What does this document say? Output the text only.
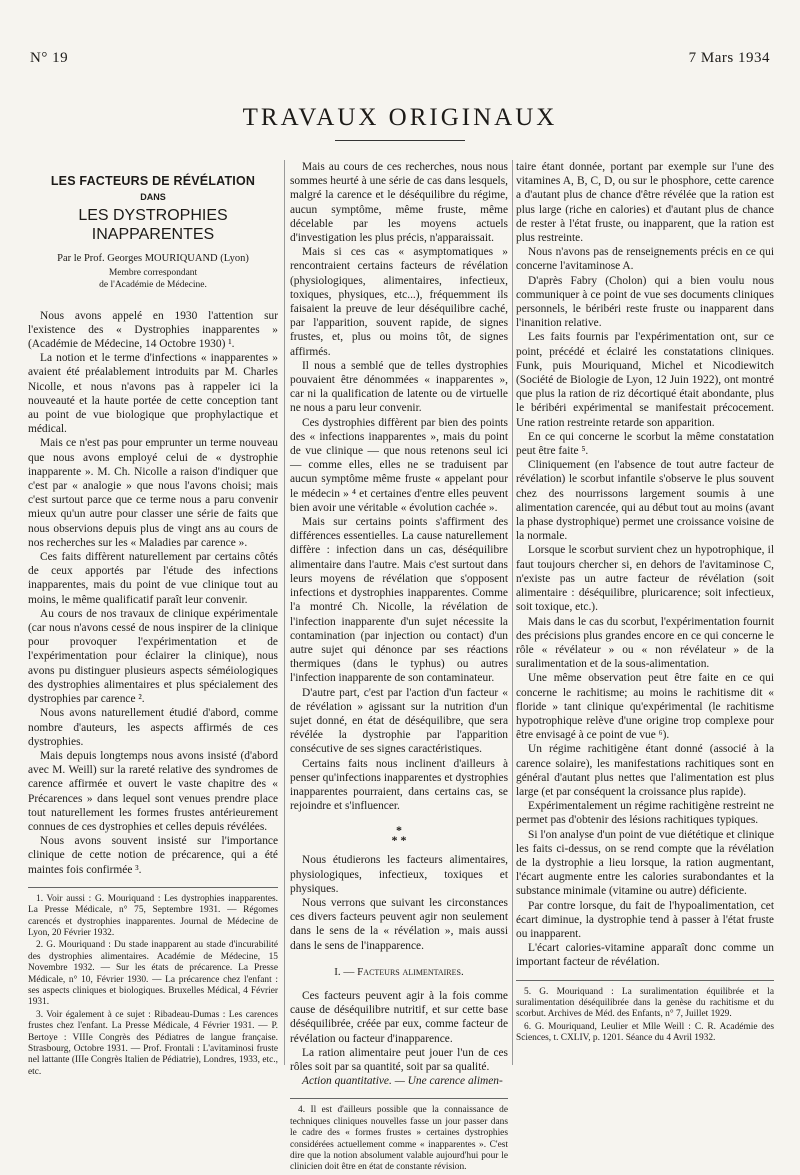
N° 19	7 Mars 1934
TRAVAUX ORIGINAUX
LES FACTEURS DE RÉVÉLATION
DANS
LES DYSTROPHIES
INAPPARENTES
Par le Prof. Georges MOURIQUAND (Lyon)
Membre correspondant
de l'Académie de Médecine.

Nous avons appelé en 1930 l'attention sur l'existence des « Dystrophies inapparentes » (Académie de Médecine, 14 Octobre 1930) ¹.

La notion et le terme d'infections « inapparentes » avaient été préalablement introduits par M. Charles Nicolle, et nous n'avons pas à rappeler ici la nouveauté et la haute portée de cette conception tant au point de vue biologique que prophylactique et médical.

Mais ce n'est pas pour emprunter un terme nouveau que nous avons employé celui de « dystrophie inapparente ». M. Ch. Nicolle a raison d'indiquer que c'est par « analogie » que nous l'avons choisi; mais c'est surtout parce que ce terme nous a paru convenir mieux qu'un autre pour classer une série de faits que nous observions depuis plus de vingt ans au cours de nos recherches sur les « Maladies par carence ».

Ces faits diffèrent naturellement par certains côtés de ceux apportés par l'étude des infections inapparentes, mais du point de vue clinique tout au moins, le même qualificatif paraît leur convenir.

Au cours de nos travaux de clinique expérimentale (car nous n'avons cessé de nous inspirer de la clinique pour provoquer l'expérimentation et de l'expérimentation pour éclairer la clinique), nous avons pu distinguer plusieurs aspects séméiologiques des dystrophies alimentaires et plus spécialement des dystrophies par carence ².

Nous avons naturellement étudié d'abord, comme nombre d'auteurs, les aspects affirmés de ces dystrophies.

Mais depuis longtemps nous avons insisté (d'abord avec M. Weill) sur la rareté relative des syndromes de carence affirmée et ouvert le vaste chapitre des « Précarences » dans lequel sont venues prendre place tout naturellement les formes frustes antérieurement connues de ces dystrophies et celles depuis révélées.

Nous avons souvent insisté sur l'importance clinique de cette notion de précarence, qui a été maintes fois confirmée ³.

1. Voir aussi : G. Mouriquand : Les dystrophies inapparentes. La Presse Médicale, n° 75, Septembre 1931. — Régomes carencés et dystrophies inapparentes. Journal de Médecine de Lyon, 20 Février 1932.

2. G. Mouriquand : Du stade inapparent au stade d'incurabilité des dystrophies alimentaires. Académie de Médecine, 15 Novembre 1932. — Sur les états de précarence. La Presse Médicale, n° 10, Février 1930. — La précarence chez l'enfant : ses aspects cliniques et biologiques. Bruxelles Médical, 4 Février 1931.

3. Voir également à ce sujet : Ribadeau-Dumas : Les carences frustes chez l'enfant. La Presse Médicale, 4 Février 1931. — P. Bertoye : VIIIe Congrès des Pédiatres de langue française. Strasbourg, Octobre 1931. — Prof. Frontali : L'avitaminosi fruste nel lattante (IIIe Congrès Italien de Pédiatrie), Londres, 1933, etc., etc.

Mais au cours de ces recherches, nous nous sommes heurté à une série de cas dans lesquels, malgré la carence et le déséquilibre du régime, aucun symptôme, même fruste, même décelable par les moyens actuels d'investigation les plus précis, n'apparaissait.

Mais si ces cas « asymptomatiques » rencontraient certains facteurs de révélation (physiologiques, alimentaires, infectieux, toxiques, physiques, etc...), fréquemment ils faisaient la preuve de leur déséquilibre caché, par l'apparition, souvent rapide, de signes frustes, et, plus ou moins tôt, de signes affirmés.

Il nous a semblé que de telles dystrophies pouvaient être dénommées « inapparentes », car ni la qualification de latente ou de virtuelle ne nous a paru leur convenir.

Ces dystrophies diffèrent par bien des points des « infections inapparentes », mais du point de vue clinique — que nous retenons seul ici — comme elles, elles ne se traduisent par aucun symptôme même fruste « appelant pour le médecin » ⁴ et certaines d'entre elles peuvent bien avoir une véritable « évolution cachée ».

Mais sur certains points s'affirment des différences essentielles. La cause naturellement diffère : infection dans un cas, déséquilibre alimentaire dans l'autre. Mais c'est surtout dans leurs moyens de révélation que s'opposent infections et dystrophies inapparentes. Comme l'a montré Ch. Nicolle, la révélation de l'infection inapparente d'un sujet nécessite la contamination (par injection ou contact) d'un autre sujet qui dénonce par ses réactions thermiques (dans le typhus) ou autres l'infection inapparente de son contaminateur.

D'autre part, c'est par l'action d'un facteur « de révélation » agissant sur la nutrition d'un sujet donné, en état de déséquilibre, que sera révélée la dystrophie par l'apparition consécutive de ses signes caractéristiques.

Certains faits nous inclinent d'ailleurs à penser qu'infections inapparentes et dystrophies inapparentes pourraient, dans certains cas, se rejoindre et s'influencer.

*
* *

Nous étudierons les facteurs alimentaires, physiologiques, infectieux, toxiques et physiques.

Nous verrons que suivant les circonstances ces divers facteurs peuvent agir non seulement dans le sens de la « révélation », mais aussi dans le sens de l'inapparence.

I. — Facteurs alimentaires.

Ces facteurs peuvent agir à la fois comme cause de déséquilibre nutritif, et sur cette base déséquilibrée, créée par eux, comme facteur de révélation ou facteur d'inapparence.

La ration alimentaire peut jouer l'un de ces rôles soit par sa quantité, soit par sa qualité.

Action quantitative. — Une carence alimen-

4. Il est d'ailleurs possible que la connaissance de techniques cliniques nouvelles fasse un jour passer dans le cadre des « formes frustes » certaines dystrophies considérées actuellement comme « inapparentes ». C'est dire que la notion absolument valable aujourd'hui pour le clinicien doit être en état de constante révision.

taire étant donnée, portant par exemple sur l'une des vitamines A, B, C, D, ou sur le phosphore, cette carence a d'autant plus de chance d'être révélée que la ration est plus large (riche en calories) et d'autant plus de chance de rester à l'état fruste, ou inapparent, que la ration est plus restreinte.

Nous n'avons pas de renseignements précis en ce qui concerne l'avitaminose A.

D'après Fabry (Cholon) qui a bien voulu nous communiquer à ce point de vue ses documents cliniques personnels, le béribéri reste fruste ou inapparent dans l'inanition relative.

Les faits fournis par l'expérimentation ont, sur ce point, précédé et éclairé les constatations cliniques. Funk, puis Mouriquand, Michel et Nicodiewitch (Société de Biologie de Lyon, 12 Juin 1922), ont montré que plus la ration de riz décortiqué était abondante, plus le béribéri expérimental se manifestait précocement. Une ration restreinte retarde son apparition.

En ce qui concerne le scorbut la même constatation peut être faite ⁵.

Cliniquement (en l'absence de tout autre facteur de révélation) le scorbut infantile s'observe le plus souvent chez des nourrissons largement soumis à une alimentation carencée, qui au début tout au moins (avant la phase dystrophique) permet une croissance voisine de la normale.

Lorsque le scorbut survient chez un hypotrophique, il faut toujours chercher si, en dehors de l'avitaminose C, n'existe pas un autre facteur de révélation (soit alimentaire : déséquilibre, pluricarence; soit infectieux, soit toxique, etc.).

Mais dans le cas du scorbut, l'expérimentation fournit des précisions plus grandes encore en ce qui concerne le rôle « révélateur » ou « non révélateur » de la suralimentation et de la sous-alimentation.

Une même observation peut être faite en ce qui concerne le rachitisme; au moins le rachitisme dit « floride » tant clinique qu'expérimental (le rachitisme hypotrophique relève d'une origine trop complexe pour être envisagé à ce point de vue ⁶).

Un régime rachitigène étant donné (associé à la carence solaire), les manifestations rachitiques sont en général d'autant plus nettes que l'alimentation est plus large (et par conséquent la croissance plus rapide).

Expérimentalement un régime rachitigène restreint ne permet pas d'obtenir des lésions rachitiques typiques.

Si l'on analyse d'un point de vue diététique et clinique les faits ci-dessus, on se rend compte que la révélation de la dystrophie a lieu lorsque, la ration augmentant, l'écart augmente entre les calories surabondantes et la substance minimale (vitamine ou autre) déficiente.

Par contre lorsque, du fait de l'hypoalimentation, cet écart diminue, la dystrophie tend à passer à l'état fruste ou inapparent.

L'écart calories-vitamine apparaît donc comme un important facteur de révélation.

5. G. Mouriquand : La suralimentation équilibrée et la suralimentation déséquilibrée dans la genèse du rachitisme et du scorbut. Archives de Méd. des Enfants, n° 7, Juillet 1929.

6. G. Mouriquand, Leulier et Mlle Weill : C. R. Académie des Sciences, t. CXLIV, p. 1201. Séance du 4 Avril 1932.
